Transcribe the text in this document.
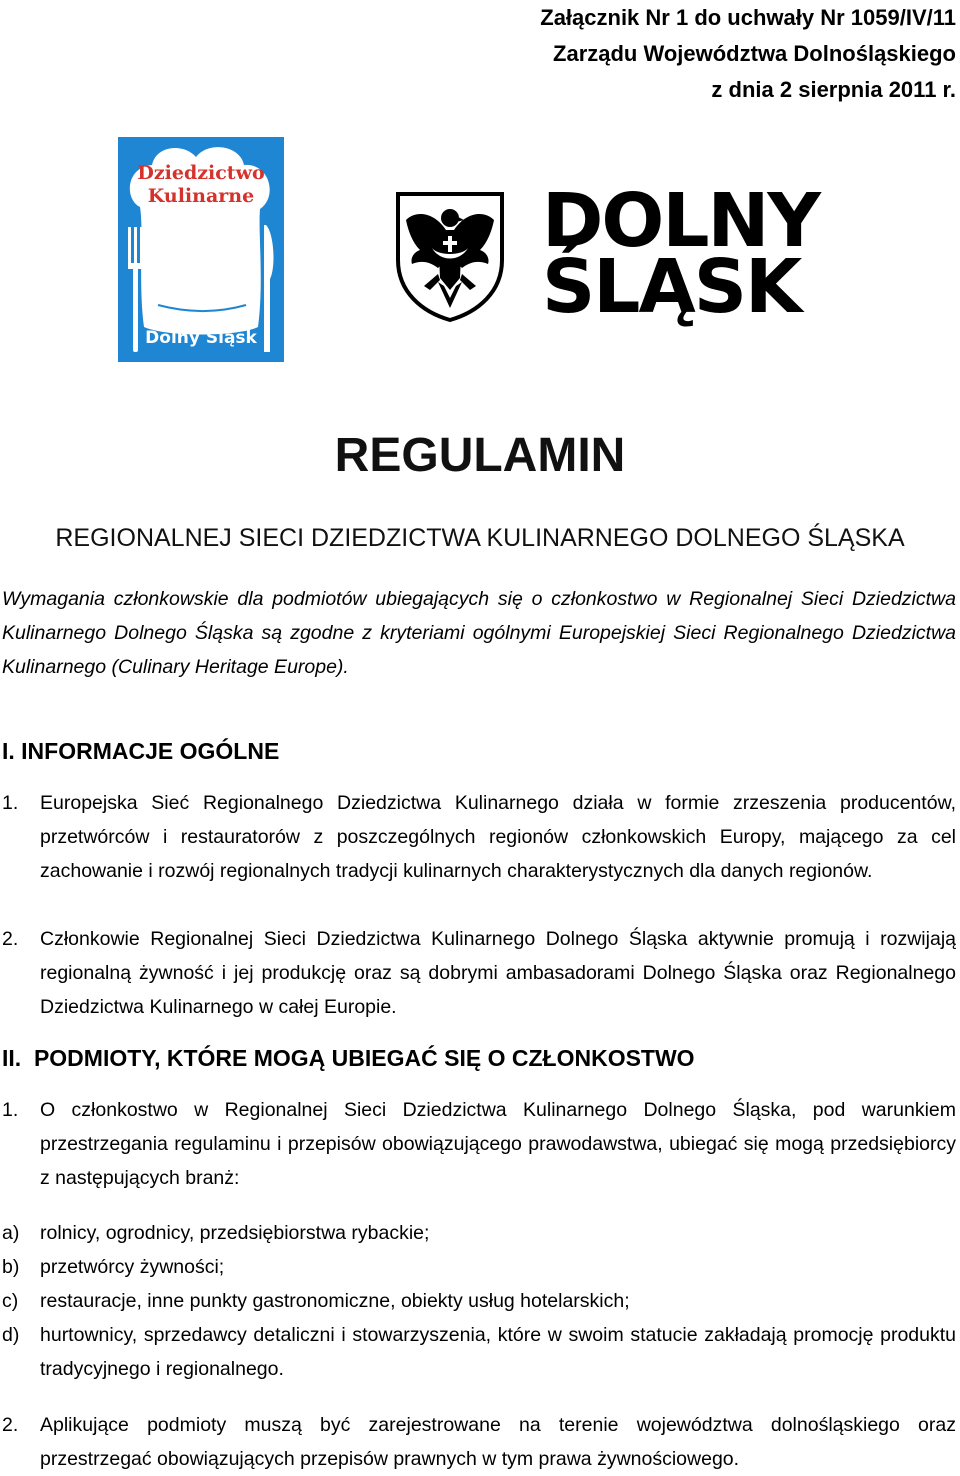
Załącznik Nr 1 do uchwały Nr 1059/IV/11
Zarządu Województwa Dolnośląskiego
z dnia 2 sierpnia 2011 r.
Dziedzictwo
Kulinarne
Dolny Śląsk
DOLNY
ŚLĄSK
REGULAMIN
REGIONALNEJ SIECI DZIEDZICTWA KULINARNEGO DOLNEGO ŚLĄSKA
Wymagania członkowskie dla podmiotów ubiegających się o członkostwo w Regionalnej Sieci Dziedzictwa Kulinarnego Dolnego Śląska są zgodne z kryteriami ogólnymi Europejskiej Sieci Regionalnego Dziedzictwa Kulinarnego (Culinary Heritage Europe).
I. INFORMACJE OGÓLNE
1.	Europejska Sieć Regionalnego Dziedzictwa Kulinarnego działa w formie zrzeszenia producentów, przetwórców i restauratorów z poszczególnych regionów członkowskich Europy, mającego za cel zachowanie i rozwój regionalnych tradycji kulinarnych charakterystycznych dla danych regionów.
2.	Członkowie Regionalnej Sieci Dziedzictwa Kulinarnego Dolnego Śląska aktywnie promują i rozwijają regionalną żywność i jej produkcję oraz są dobrymi ambasadorami Dolnego Śląska oraz Regionalnego Dziedzictwa Kulinarnego w całej Europie.
II.  PODMIOTY, KTÓRE MOGĄ UBIEGAĆ SIĘ O CZŁONKOSTWO
1.	O członkostwo w Regionalnej Sieci Dziedzictwa Kulinarnego Dolnego Śląska, pod warunkiem przestrzegania regulaminu i przepisów obowiązującego prawodawstwa, ubiegać się mogą przedsiębiorcy z następujących branż:
a)	rolnicy, ogrodnicy, przedsiębiorstwa rybackie;
b)	przetwórcy żywności;
c)	restauracje, inne punkty gastronomiczne, obiekty usług hotelarskich;
d)	hurtownicy, sprzedawcy detaliczni i stowarzyszenia, które w swoim statucie zakładają promocję produktu tradycyjnego i regionalnego.
2.	Aplikujące podmioty muszą być zarejestrowane na terenie województwa dolnośląskiego oraz przestrzegać obowiązujących przepisów prawnych w tym prawa żywnościowego.
